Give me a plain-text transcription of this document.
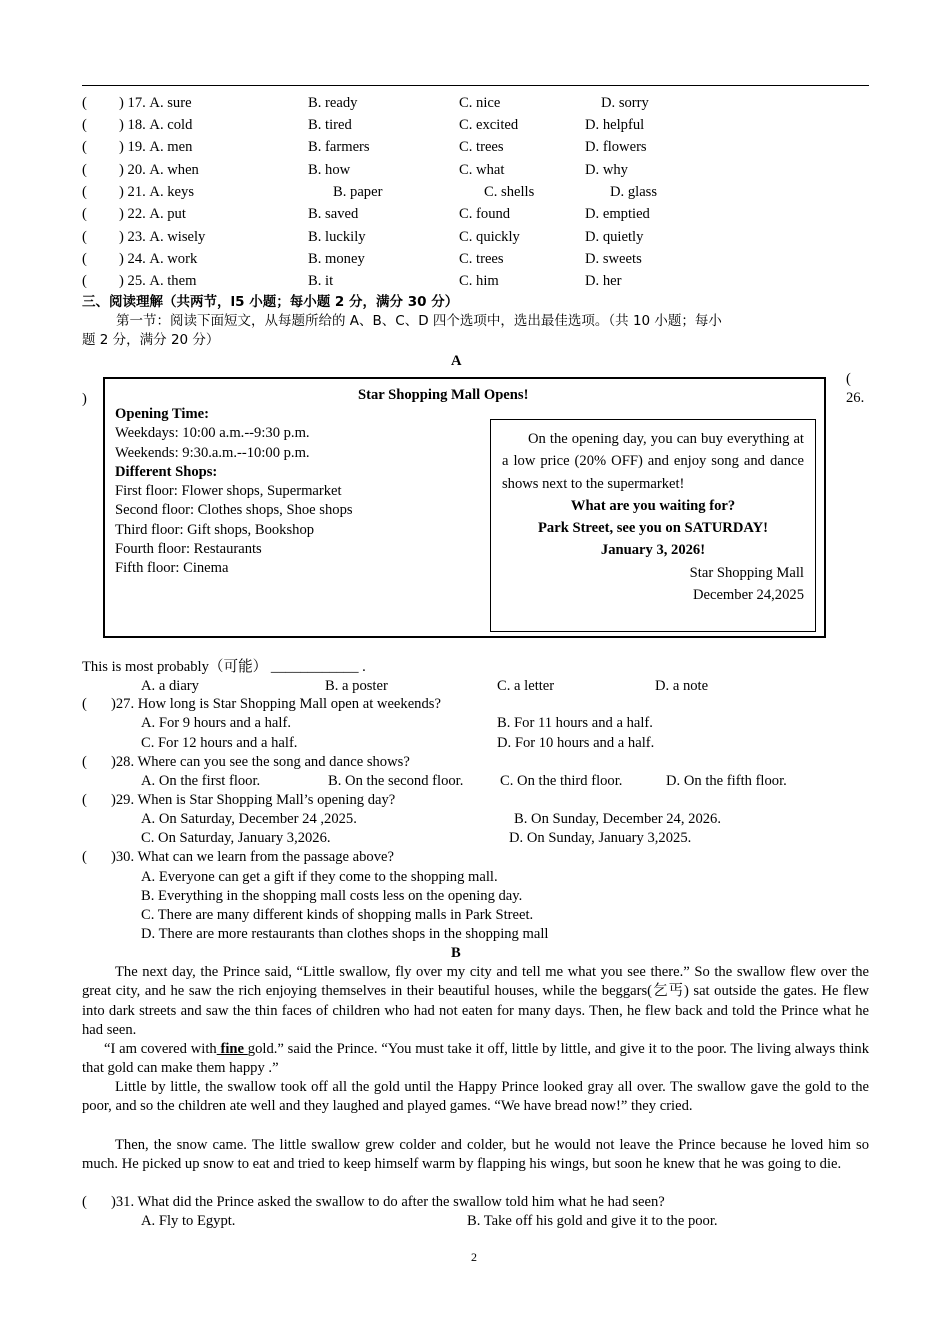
( ) 17. A. sure	B. ready	C. nice	D. sorry
( ) 18. A. cold	B. tired	C. excited	D. helpful
( ) 19. A. men	B. farmers	C. trees	D. flowers
( ) 20. A. when	B. how	C. what	D. why
( ) 21. A. keys	B. paper	C. shells	D. glass
( ) 22. A. put	B. saved	C. found	D. emptied
( ) 23. A. wisely	B. luckily	C. quickly	D. quietly
( ) 24. A. work	B. money	C. trees	D. sweets
( ) 25. A. them	B. it	C. him	D. her
三、阅读理解（共两节，l5 小题；每小题 2 分，满分 30 分）
第一节：阅读下面短文，从每题所给的 A、B、C、D 四个选项中，选出最佳选项。（共 10 小题；每小
题 2 分，满分 20 分）
A
(
26.
)	Star Shopping Mall Opens!
Opening Time:
Weekdays: 10:00 a.m.--9:30 p.m.
Weekends: 9:30.a.m.--10:00 p.m.
Different Shops:
First floor: Flower shops, Supermarket
Second floor: Clothes shops, Shoe shops
Third floor: Gift shops, Bookshop
Fourth floor: Restaurants
Fifth floor: Cinema
On the opening day, you can buy everything at a low price (20% OFF) and enjoy song and dance shows next to the supermarket!
What are you waiting for?
Park Street, see you on SATURDAY!
January 3, 2026!
Star Shopping Mall
December 24,2025
This is most probably（可能） ____________ .
A. a diary	B. a poster	C. a letter	D. a note
( )27. How long is Star Shopping Mall open at weekends?
A. For 9 hours and a half.	B. For 11 hours and a half.
C. For 12 hours and a half.	D. For 10 hours and a half.
( )28. Where can you see the song and dance shows?
A. On the first floor.	B. On the second floor.	C. On the third floor.	D. On the fifth floor.
( )29. When is Star Shopping Mall’s opening day?
A. On Saturday, December 24 ,2025.	B. On Sunday, December 24, 2026.
C. On Saturday, January 3,2026.	D. On Sunday, January 3,2025.
( )30. What can we learn from the passage above?
A. Everyone can get a gift if they come to the shopping mall.
B. Everything in the shopping mall costs less on the opening day.
C. There are many different kinds of shopping malls in Park Street.
D. There are more restaurants than clothes shops in the shopping mall
B
The next day, the Prince said, “Little swallow, fly over my city and tell me what you see there.” So the swallow flew over the great city, and he saw the rich enjoying themselves in their beautiful houses, while the beggars(乞丐) sat outside the gates. He flew into dark streets and saw the thin faces of children who had not eaten for many days. Then, he flew back and told the Prince what he had seen.
“I am covered with fine gold.” said the Prince. “You must take it off, little by little, and give it to the poor. The living always think that gold can make them happy .”
Little by little, the swallow took off all the gold until the Happy Prince looked gray all over. The swallow gave the gold to the poor, and so the children ate well and they laughed and played games. “We have bread now!” they cried.
Then, the snow came. The little swallow grew colder and colder, but he would not leave the Prince because he loved him so much. He picked up snow to eat and tried to keep himself warm by flapping his wings, but soon he knew that he was going to die.
( )31. What did the Prince asked the swallow to do after the swallow told him what he had seen?
A. Fly to Egypt.	B. Take off his gold and give it to the poor.
2
